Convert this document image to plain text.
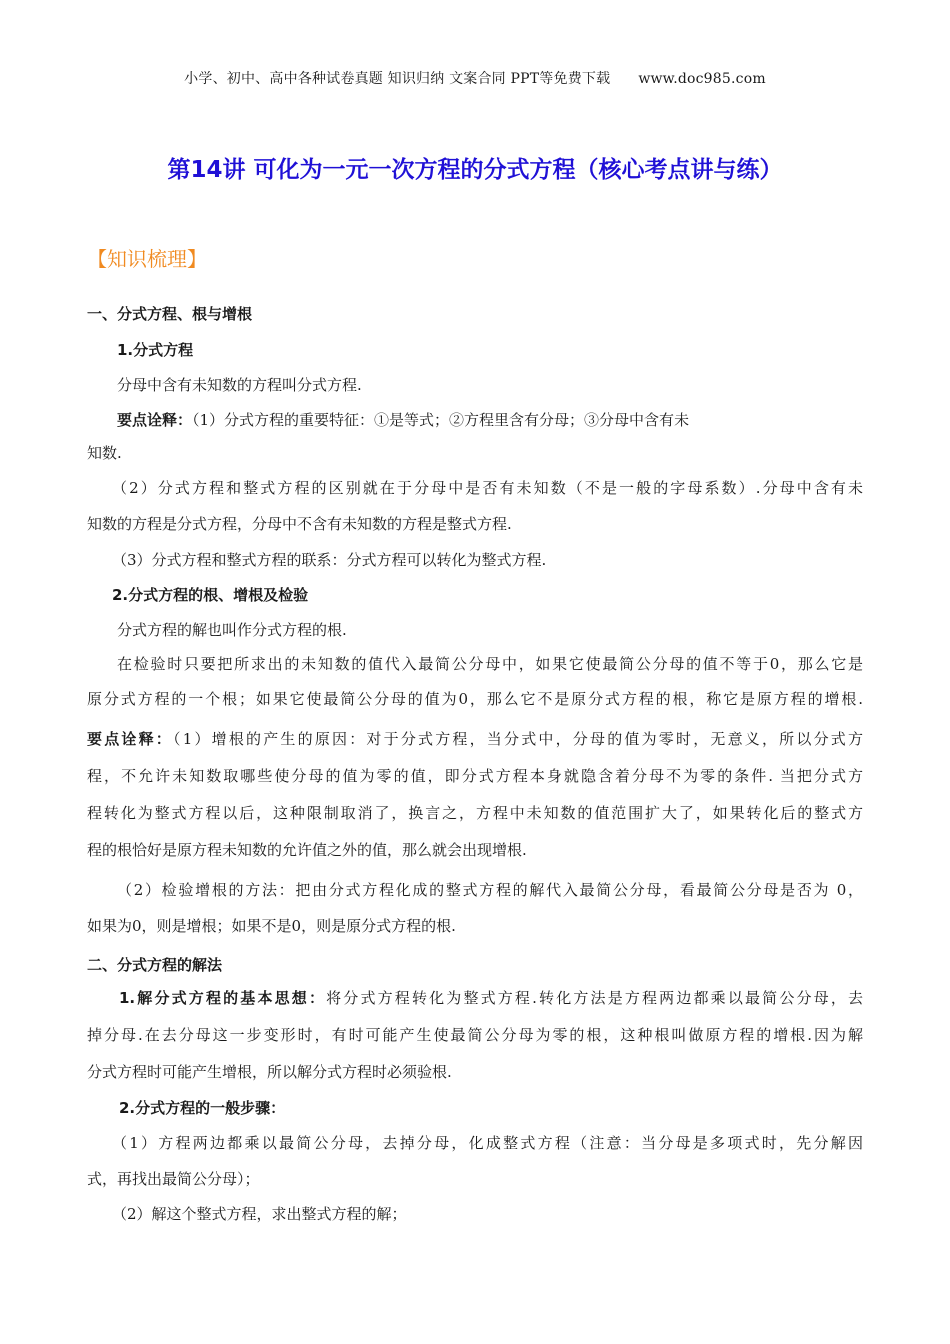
小学、初中、高中各种试卷真题 知识归纳 文案合同 PPT等免费下载 www.doc985.com
第14讲 可化为一元一次方程的分式方程（核心考点讲与练）
【知识梳理】
一、分式方程、根与增根
1.分式方程
分母中含有未知数的方程叫分式方程.
要点诠释：（1）分式方程的重要特征：①是等式；②方程里含有分母；③分母中含有未
知数.
（2）分式方程和整式方程的区别就在于分母中是否有未知数（不是一般的字母系数）.分母中含有未
知数的方程是分式方程，分母中不含有未知数的方程是整式方程.
（3）分式方程和整式方程的联系：分式方程可以转化为整式方程.
2.分式方程的根、增根及检验
分式方程的解也叫作分式方程的根.
在检验时只要把所求出的未知数的值代入最简公分母中，如果它使最简公分母的值不等于0，那么它是
原分式方程的一个根；如果它使最简公分母的值为0，那么它不是原分式方程的根，称它是原方程的增根.
要点诠释：（1）增根的产生的原因：对于分式方程，当分式中，分母的值为零时，无意义，所以分式方
程，不允许未知数取哪些使分母的值为零的值，即分式方程本身就隐含着分母不为零的条件. 当把分式方
程转化为整式方程以后，这种限制取消了，换言之，方程中未知数的值范围扩大了，如果转化后的整式方
程的根恰好是原方程未知数的允许值之外的值，那么就会出现增根.
（2）检验增根的方法：把由分式方程化成的整式方程的解代入最简公分母，看最简公分母是否为 0，
如果为0，则是增根；如果不是0，则是原分式方程的根.
二、分式方程的解法
1.解分式方程的基本思想：将分式方程转化为整式方程.转化方法是方程两边都乘以最简公分母，去
掉分母.在去分母这一步变形时，有时可能产生使最简公分母为零的根，这种根叫做原方程的增根.因为解
分式方程时可能产生增根，所以解分式方程时必须验根.
2.分式方程的一般步骤：
（1）方程两边都乘以最简公分母，去掉分母，化成整式方程（注意：当分母是多项式时，先分解因
式，再找出最简公分母）；
（2）解这个整式方程，求出整式方程的解；
